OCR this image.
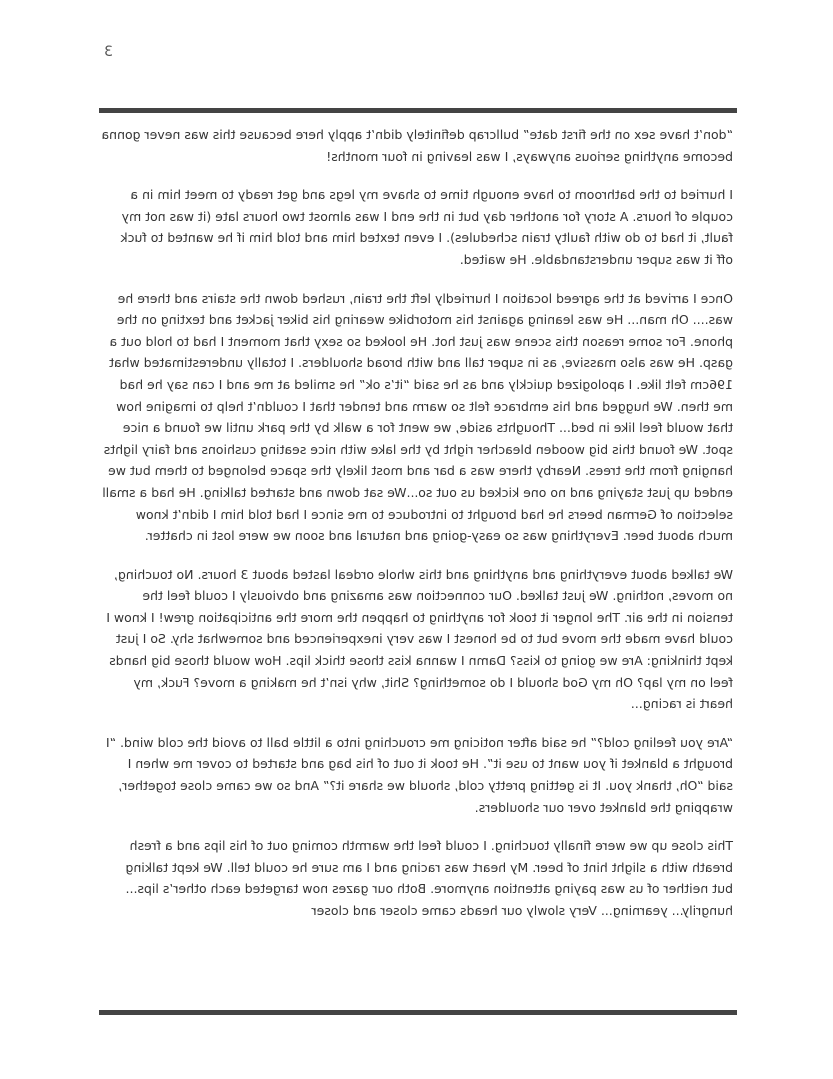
3

“don’t have sex on the first date” bullcrap definitely didn’t apply here because this was never gonna become anything serious anyways, I was leaving in four months!

I hurried to the bathroom to have enough time to shave my legs and get ready to meet him in a couple of hours. A story for another day but in the end I was almost two hours late (it was not my fault, it had to do with faulty train schedules). I even texted him and told him if he wanted to fuck off it was super understandable. He waited.

Once I arrived at the agreed location I hurriedly left the train, rushed down the stairs and there he was.... Oh man... He was leaning against his motorbike wearing his biker jacket and texting on the phone. For some reason this scene was just hot. He looked so sexy that moment I had to hold out a gasp. He was also massive, as in super tall and with broad shoulders. I totally underestimated what 196cm felt like. I apologized quickly and as he said “it’s ok” he smiled at me and I can say he had me then. We hugged and his embrace felt so warm and tender that I couldn’t help to imagine how that would feel like in bed... Thoughts aside, we went for a walk by the park until we found a nice spot. We found this big wooden bleacher right by the lake with nice seating cushions and fairy lights hanging from the trees. Nearby there was a bar and most likely the space belonged to them but we ended up just staying and no one kicked us out so...We sat down and started talking. He had a small selection of German beers he had brought to introduce to me since I had told him I didn’t know much about beer. Everything was so easy-going and natural and soon we were lost in chatter.

We talked about everything and anything and this whole ordeal lasted about 3 hours. No touching, no moves, nothing. We just talked. Our connection was amazing and obviously I could feel the tension in the air. The longer it took for anything to happen the more the anticipation grew! I know I could have made the move but to be honest I was very inexperienced and somewhat shy. So I just kept thinking: Are we going to kiss? Damn I wanna kiss those thick lips. How would those big hands feel on my lap? Oh my God should I do something? Shit, why isn’t he making a move? Fuck, my heart is racing...

“Are you feeling cold?” he said after noticing me crouching into a little ball to avoid the cold wind. “I brought a blanket if you want to use it”. He took it out of his bag and started to cover me when I said “Oh, thank you. It is getting pretty cold, should we share it?” And so we came close together, wrapping the blanket over our shoulders.

This close up we were finally touching. I could feel the warmth coming out of his lips and a fresh breath with a slight hint of beer. My heart was racing and I am sure he could tell. We kept talking but neither of us was paying attention anymore. Both our gazes now targeted each other’s lips... hungrily... yearning... Very slowly our heads came closer and closer
